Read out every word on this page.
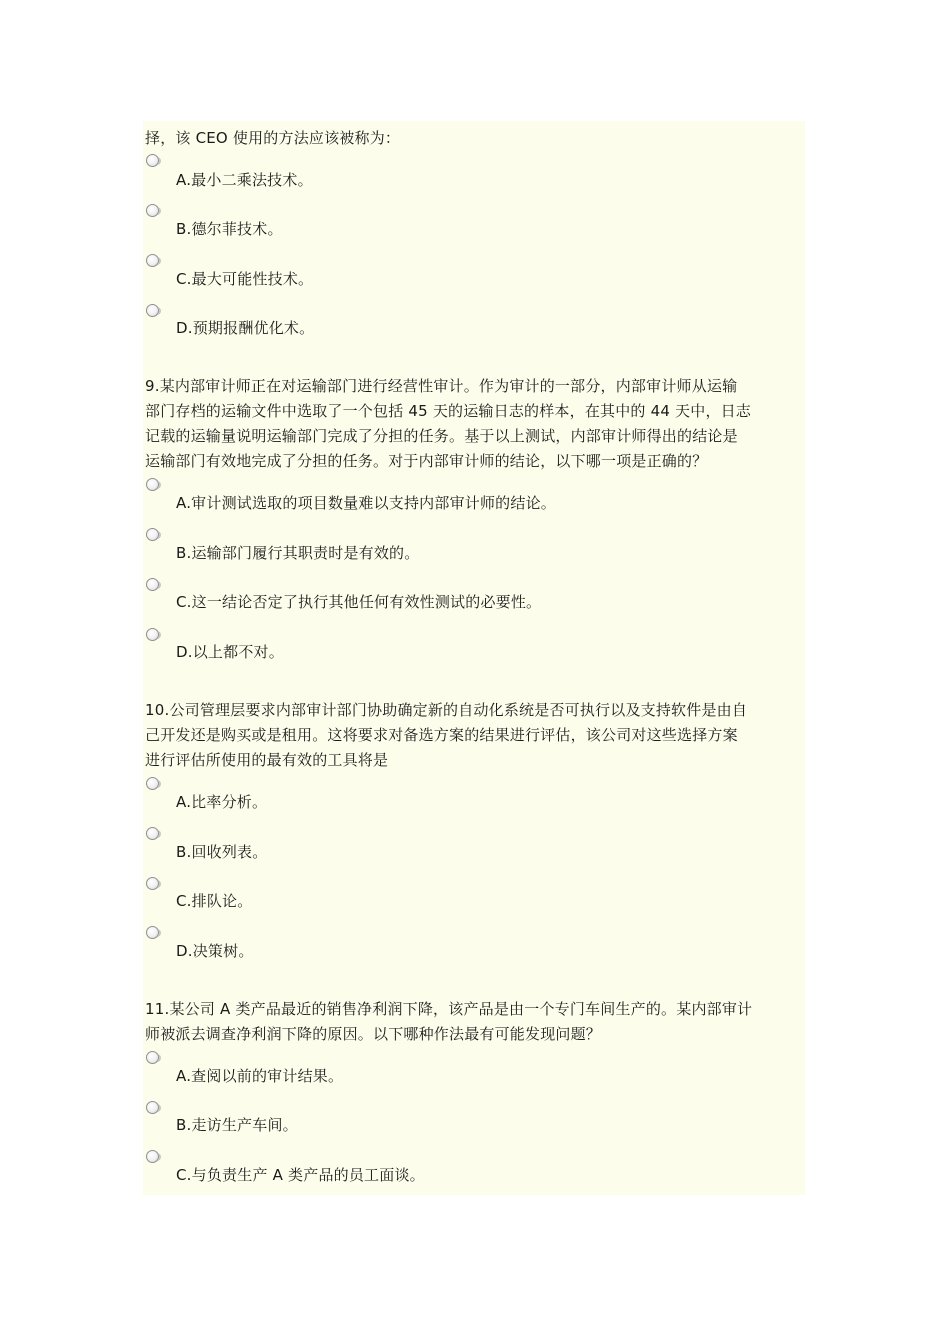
择，该 CEO 使用的方法应该被称为：
A.最小二乘法技术。
B.德尔菲技术。
C.最大可能性技术。
D.预期报酬优化术。
9.某内部审计师正在对运输部门进行经营性审计。作为审计的一部分，内部审计师从运输
部门存档的运输文件中选取了一个包括 45 天的运输日志的样本，在其中的 44 天中，日志
记载的运输量说明运输部门完成了分担的任务。基于以上测试，内部审计师得出的结论是
运输部门有效地完成了分担的任务。对于内部审计师的结论，以下哪一项是正确的？
A.审计测试选取的项目数量难以支持内部审计师的结论。
B.运输部门履行其职责时是有效的。
C.这一结论否定了执行其他任何有效性测试的必要性。
D.以上都不对。
10.公司管理层要求内部审计部门协助确定新的自动化系统是否可执行以及支持软件是由自
己开发还是购买或是租用。这将要求对备选方案的结果进行评估，该公司对这些选择方案
进行评估所使用的最有效的工具将是
A.比率分析。
B.回收列表。
C.排队论。
D.决策树。
11.某公司 A 类产品最近的销售净利润下降，该产品是由一个专门车间生产的。某内部审计
师被派去调查净利润下降的原因。以下哪种作法最有可能发现问题？
A.查阅以前的审计结果。
B.走访生产车间。
C.与负责生产 A 类产品的员工面谈。
